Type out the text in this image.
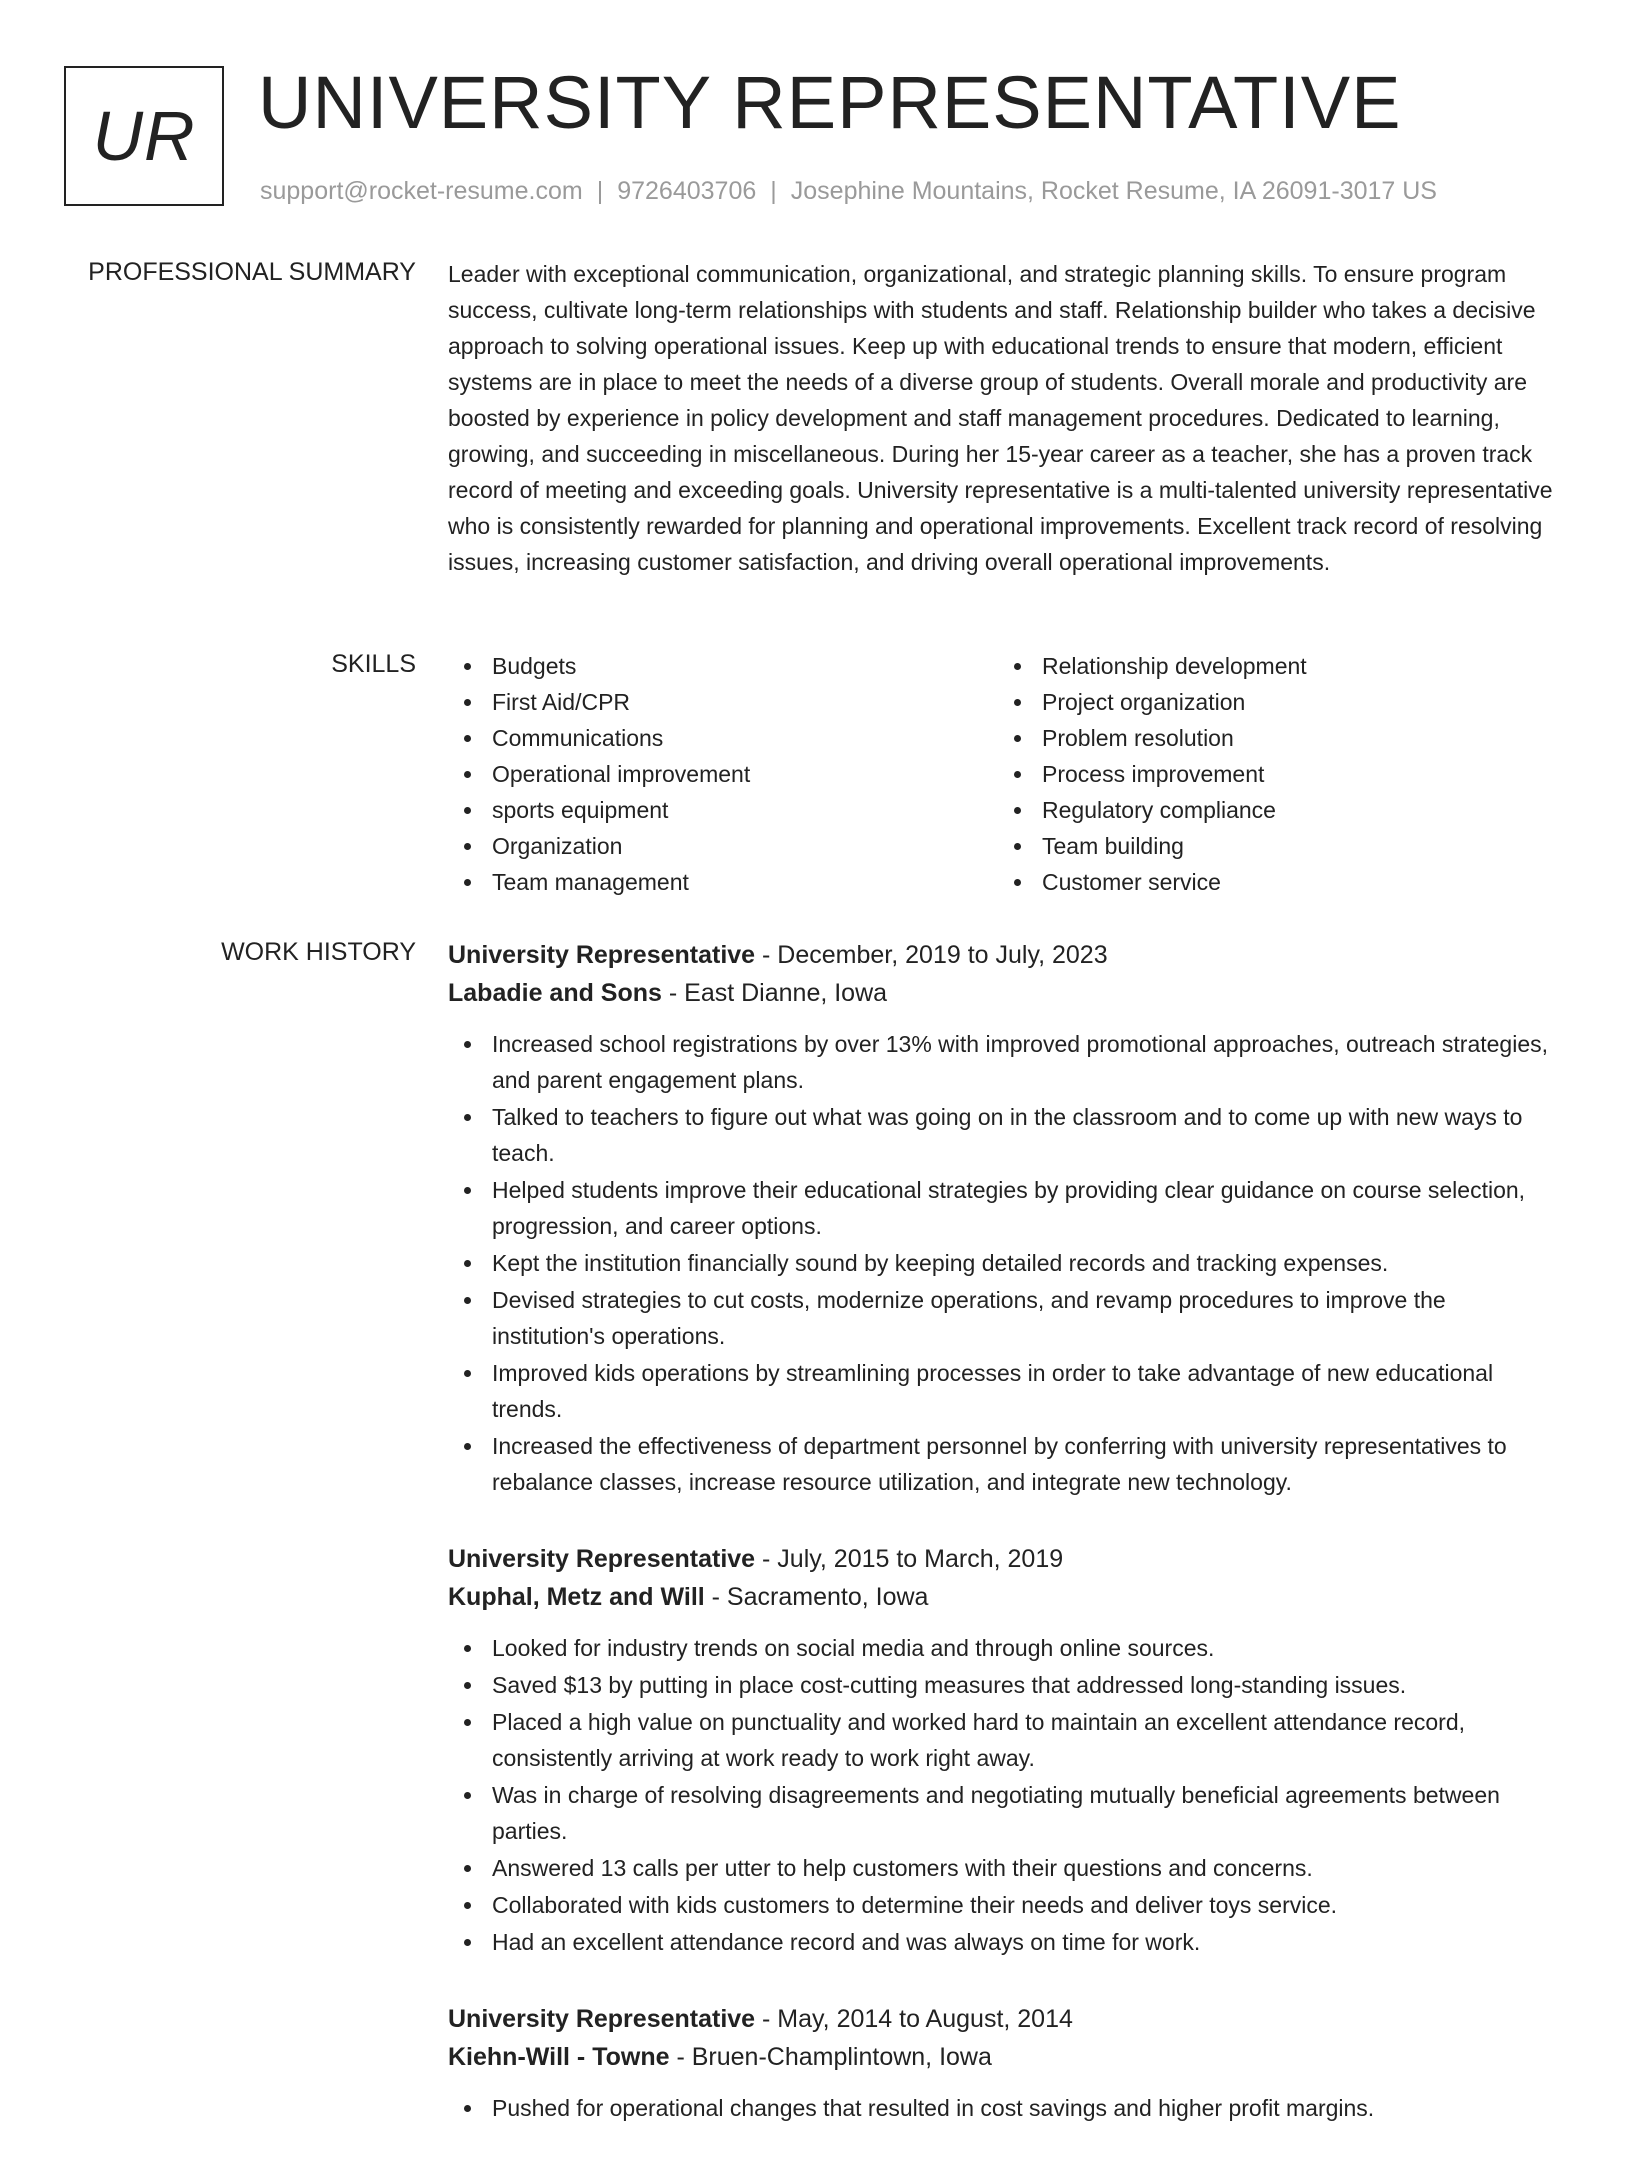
UR UNIVERSITY REPRESENTATIVE
support@rocket-resume.com | 9726403706 | Josephine Mountains, Rocket Resume, IA 26091-3017 US
PROFESSIONAL SUMMARY Leader with exceptional communication, organizational, and strategic planning skills. To ensure program success, cultivate long-term relationships with students and staff. Relationship builder who takes a decisive approach to solving operational issues. Keep up with educational trends to ensure that modern, efficient systems are in place to meet the needs of a diverse group of students. Overall morale and productivity are boosted by experience in policy development and staff management procedures. Dedicated to learning, growing, and succeeding in miscellaneous. During her 15-year career as a teacher, she has a proven track record of meeting and exceeding goals. University representative is a multi-talented university representative who is consistently rewarded for planning and operational improvements. Excellent track record of resolving issues, increasing customer satisfaction, and driving overall operational improvements.

SKILLS	Budgets
First Aid/CPR
Communications
Operational improvement
sports equipment
Organization
Team management
Relationship development
Project organization
Problem resolution
Process improvement
Regulatory compliance
Team building
Customer service
WORK HISTORY University Representative - December, 2019 to July, 2023
Labadie and Sons - East Dianne, Iowa
Increased school registrations by over 13% with improved promotional approaches, outreach strategies, and parent engagement plans.
Talked to teachers to figure out what was going on in the classroom and to come up with new ways to teach.
Helped students improve their educational strategies by providing clear guidance on course selection, progression, and career options.
Kept the institution financially sound by keeping detailed records and tracking expenses.
Devised strategies to cut costs, modernize operations, and revamp procedures to improve the institution's operations.
Improved kids operations by streamlining processes in order to take advantage of new educational trends.
Increased the effectiveness of department personnel by conferring with university representatives to rebalance classes, increase resource utilization, and integrate new technology.
University Representative - July, 2015 to March, 2019
Kuphal, Metz and Will - Sacramento, Iowa
Looked for industry trends on social media and through online sources.
Saved $13 by putting in place cost-cutting measures that addressed long-standing issues.
Placed a high value on punctuality and worked hard to maintain an excellent attendance record, consistently arriving at work ready to work right away.
Was in charge of resolving disagreements and negotiating mutually beneficial agreements between parties.
Answered 13 calls per utter to help customers with their questions and concerns.
Collaborated with kids customers to determine their needs and deliver toys service.
Had an excellent attendance record and was always on time for work.
University Representative - May, 2014 to August, 2014
Kiehn-Will - Towne - Bruen-Champlintown, Iowa
Pushed for operational changes that resulted in cost savings and higher profit margins.
